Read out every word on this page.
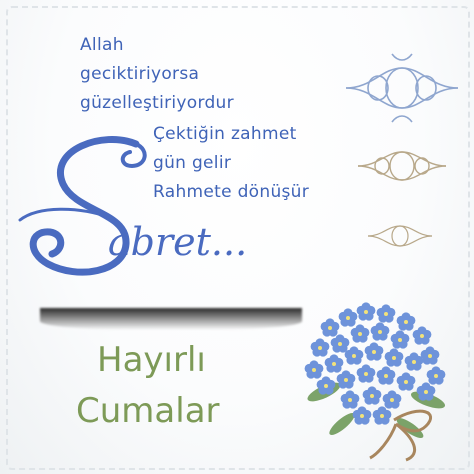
Allah
geciktiriyorsa
güzelleştiriyordur
Çektiğin zahmet
gün gelir
Rahmete dönüşür
abret...
Hayırlı
Cumalar
